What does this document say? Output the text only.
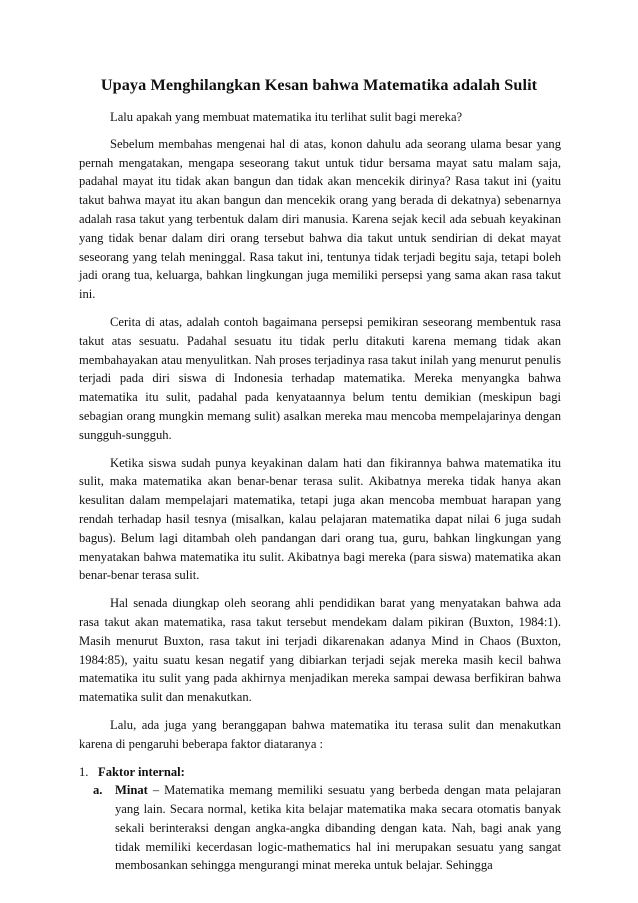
Upaya Menghilangkan Kesan bahwa Matematika adalah Sulit

Lalu apakah yang membuat matematika itu terlihat sulit bagi mereka?

Sebelum membahas mengenai hal di atas, konon dahulu ada seorang ulama besar yang pernah mengatakan, mengapa seseorang takut untuk tidur bersama mayat satu malam saja, padahal mayat itu tidak akan bangun dan tidak akan mencekik dirinya? Rasa takut ini (yaitu takut bahwa mayat itu akan bangun dan mencekik orang yang berada di dekatnya) sebenarnya adalah rasa takut yang terbentuk dalam diri manusia. Karena sejak kecil ada sebuah keyakinan yang tidak benar dalam diri orang tersebut bahwa dia takut untuk sendirian di dekat mayat seseorang yang telah meninggal. Rasa takut ini, tentunya tidak terjadi begitu saja, tetapi boleh jadi orang tua, keluarga, bahkan lingkungan juga memiliki persepsi yang sama akan rasa takut ini.

Cerita di atas, adalah contoh bagaimana persepsi pemikiran seseorang membentuk rasa takut atas sesuatu. Padahal sesuatu itu tidak perlu ditakuti karena memang tidak akan membahayakan atau menyulitkan. Nah proses terjadinya rasa takut inilah yang menurut penulis terjadi pada diri siswa di Indonesia terhadap matematika. Mereka menyangka bahwa matematika itu sulit, padahal pada kenyataannya belum tentu demikian (meskipun bagi sebagian orang mungkin memang sulit) asalkan mereka mau mencoba mempelajarinya dengan sungguh-sungguh.

Ketika siswa sudah punya keyakinan dalam hati dan fikirannya bahwa matematika itu sulit, maka matematika akan benar-benar terasa sulit. Akibatnya mereka tidak hanya akan kesulitan dalam mempelajari matematika, tetapi juga akan mencoba membuat harapan yang rendah terhadap hasil tesnya (misalkan, kalau pelajaran matematika dapat nilai 6 juga sudah bagus). Belum lagi ditambah oleh pandangan dari orang tua, guru, bahkan lingkungan yang menyatakan bahwa matematika itu sulit. Akibatnya bagi mereka (para siswa) matematika akan benar-benar terasa sulit.

Hal senada diungkap oleh seorang ahli pendidikan barat yang menyatakan bahwa ada rasa takut akan matematika, rasa takut tersebut mendekam dalam pikiran (Buxton, 1984:1). Masih menurut Buxton, rasa takut ini terjadi dikarenakan adanya Mind in Chaos (Buxton, 1984:85), yaitu suatu kesan negatif yang dibiarkan terjadi sejak mereka masih kecil bahwa matematika itu sulit yang pada akhirnya menjadikan mereka sampai dewasa berfikiran bahwa matematika sulit dan menakutkan.

Lalu, ada juga yang beranggapan bahwa matematika itu terasa sulit dan menakutkan karena di pengaruhi beberapa faktor diataranya :

1. Faktor internal:
a. Minat – Matematika memang memiliki sesuatu yang berbeda dengan mata pelajaran yang lain. Secara normal, ketika kita belajar matematika maka secara otomatis banyak sekali berinteraksi dengan angka-angka dibanding dengan kata. Nah, bagi anak yang tidak memiliki kecerdasan logic-mathematics hal ini merupakan sesuatu yang sangat membosankan sehingga mengurangi minat mereka untuk belajar. Sehingga
